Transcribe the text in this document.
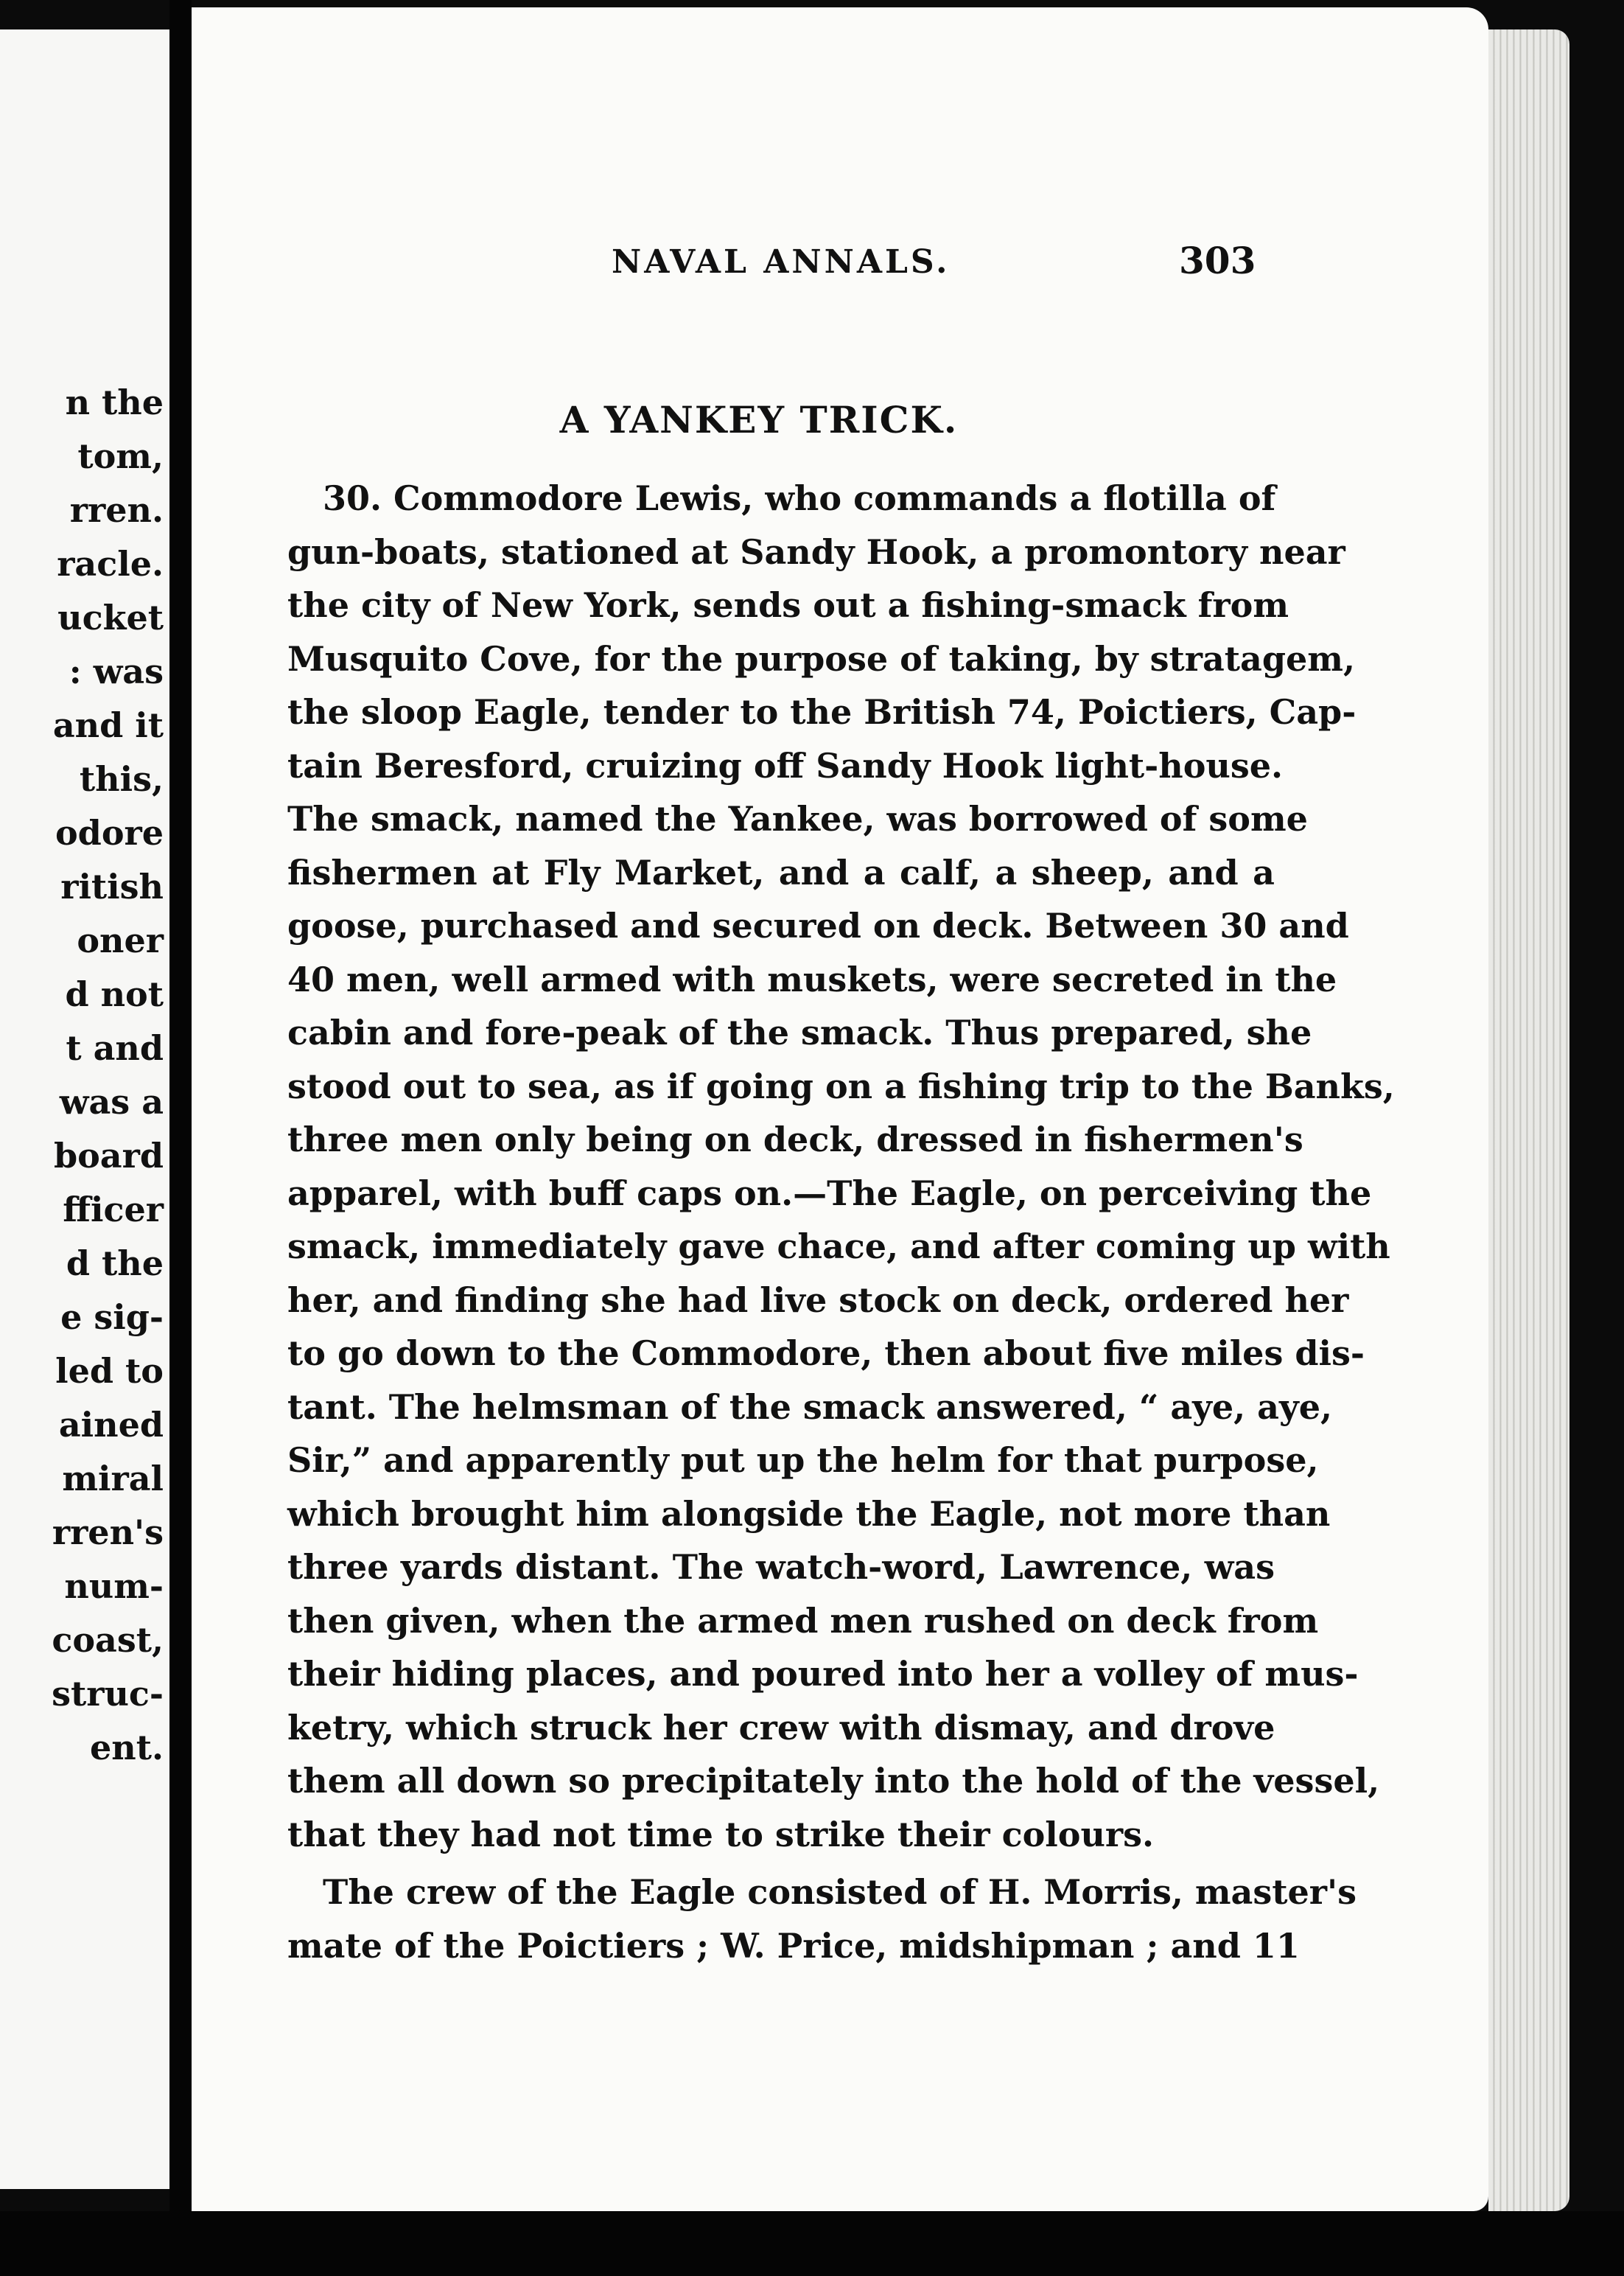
n the
tom,
rren.
racle.
ucket
: was
and it
this,
odore
ritish
oner
d not
t and
was a
board
fficer
d the
e sig-
led to
ained
miral
rren's
num-
coast,
struc-
ent.
NAVAL ANNALS.	303
A YANKEY TRICK.
30. Commodore Lewis, who commands a flotilla of
gun-boats, stationed at Sandy Hook, a promontory near
the city of New York, sends out a fishing-smack from
Musquito Cove, for the purpose of taking, by stratagem,
the sloop Eagle, tender to the British 74, Poictiers, Cap-
tain Beresford, cruizing off Sandy Hook light-house.
The smack, named the Yankee, was borrowed of some
fishermen at Fly Market, and a calf, a sheep, and a
goose, purchased and secured on deck. Between 30 and
40 men, well armed with muskets, were secreted in the
cabin and fore-peak of the smack. Thus prepared, she
stood out to sea, as if going on a fishing trip to the Banks,
three men only being on deck, dressed in fishermen's
apparel, with buff caps on.—The Eagle, on perceiving the
smack, immediately gave chace, and after coming up with
her, and finding she had live stock on deck, ordered her
to go down to the Commodore, then about five miles dis-
tant. The helmsman of the smack answered, “ aye, aye,
Sir,” and apparently put up the helm for that purpose,
which brought him alongside the Eagle, not more than
three yards distant. The watch-word, Lawrence, was
then given, when the armed men rushed on deck from
their hiding places, and poured into her a volley of mus-
ketry, which struck her crew with dismay, and drove
them all down so precipitately into the hold of the vessel,
that they had not time to strike their colours.
The crew of the Eagle consisted of H. Morris, master's
mate of the Poictiers ; W. Price, midshipman ; and 11
